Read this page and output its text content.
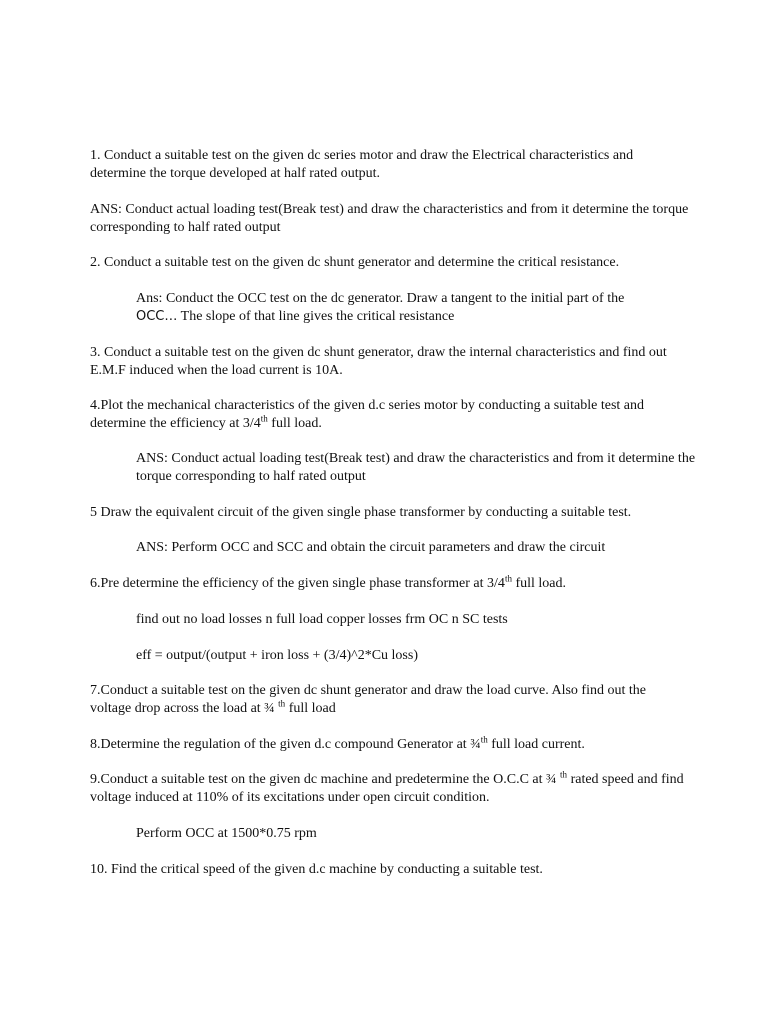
1. Conduct a suitable test on the given dc series motor and draw the Electrical characteristics and determine the torque developed at half rated output.

ANS: Conduct actual loading test(Break test) and draw the characteristics and from it determine the torque corresponding to half rated output

2. Conduct a suitable test on the given dc shunt generator and determine the critical resistance.

Ans: Conduct the OCC test on the dc generator. Draw a tangent to the initial part of the
OCC… The slope of that line gives the critical resistance

3. Conduct a suitable test on the given dc shunt generator, draw the internal characteristics and find out E.M.F induced when the load current is 10A.

4.Plot the mechanical characteristics of the given d.c series motor by conducting a suitable test and determine the efficiency at 3/4th full load.

ANS: Conduct actual loading test(Break test) and draw the characteristics and from it determine the torque corresponding to half rated output

5 Draw the equivalent circuit of the given single phase transformer by conducting a suitable test.

ANS: Perform OCC and SCC and obtain the circuit parameters and draw the circuit

6.Pre determine the efficiency of the given single phase transformer at 3/4th full load.

find out no load losses n full load copper losses frm OC n SC tests

eff = output/(output + iron loss + (3/4)^2*Cu loss)

7.Conduct a suitable test on the given dc shunt generator and draw the load curve. Also find out the voltage drop across the load at ¾ $^{th}$ full load

8.Determine the regulation of the given d.c compound Generator at ¾$^{th}$ full load current.

9.Conduct a suitable test on the given dc machine and predetermine the O.C.C at ¾ $^{th}$ rated speed and find voltage induced at 110% of its excitations under open circuit condition.

Perform OCC at 1500*0.75 rpm

10. Find the critical speed of the given d.c machine by conducting a suitable test.
